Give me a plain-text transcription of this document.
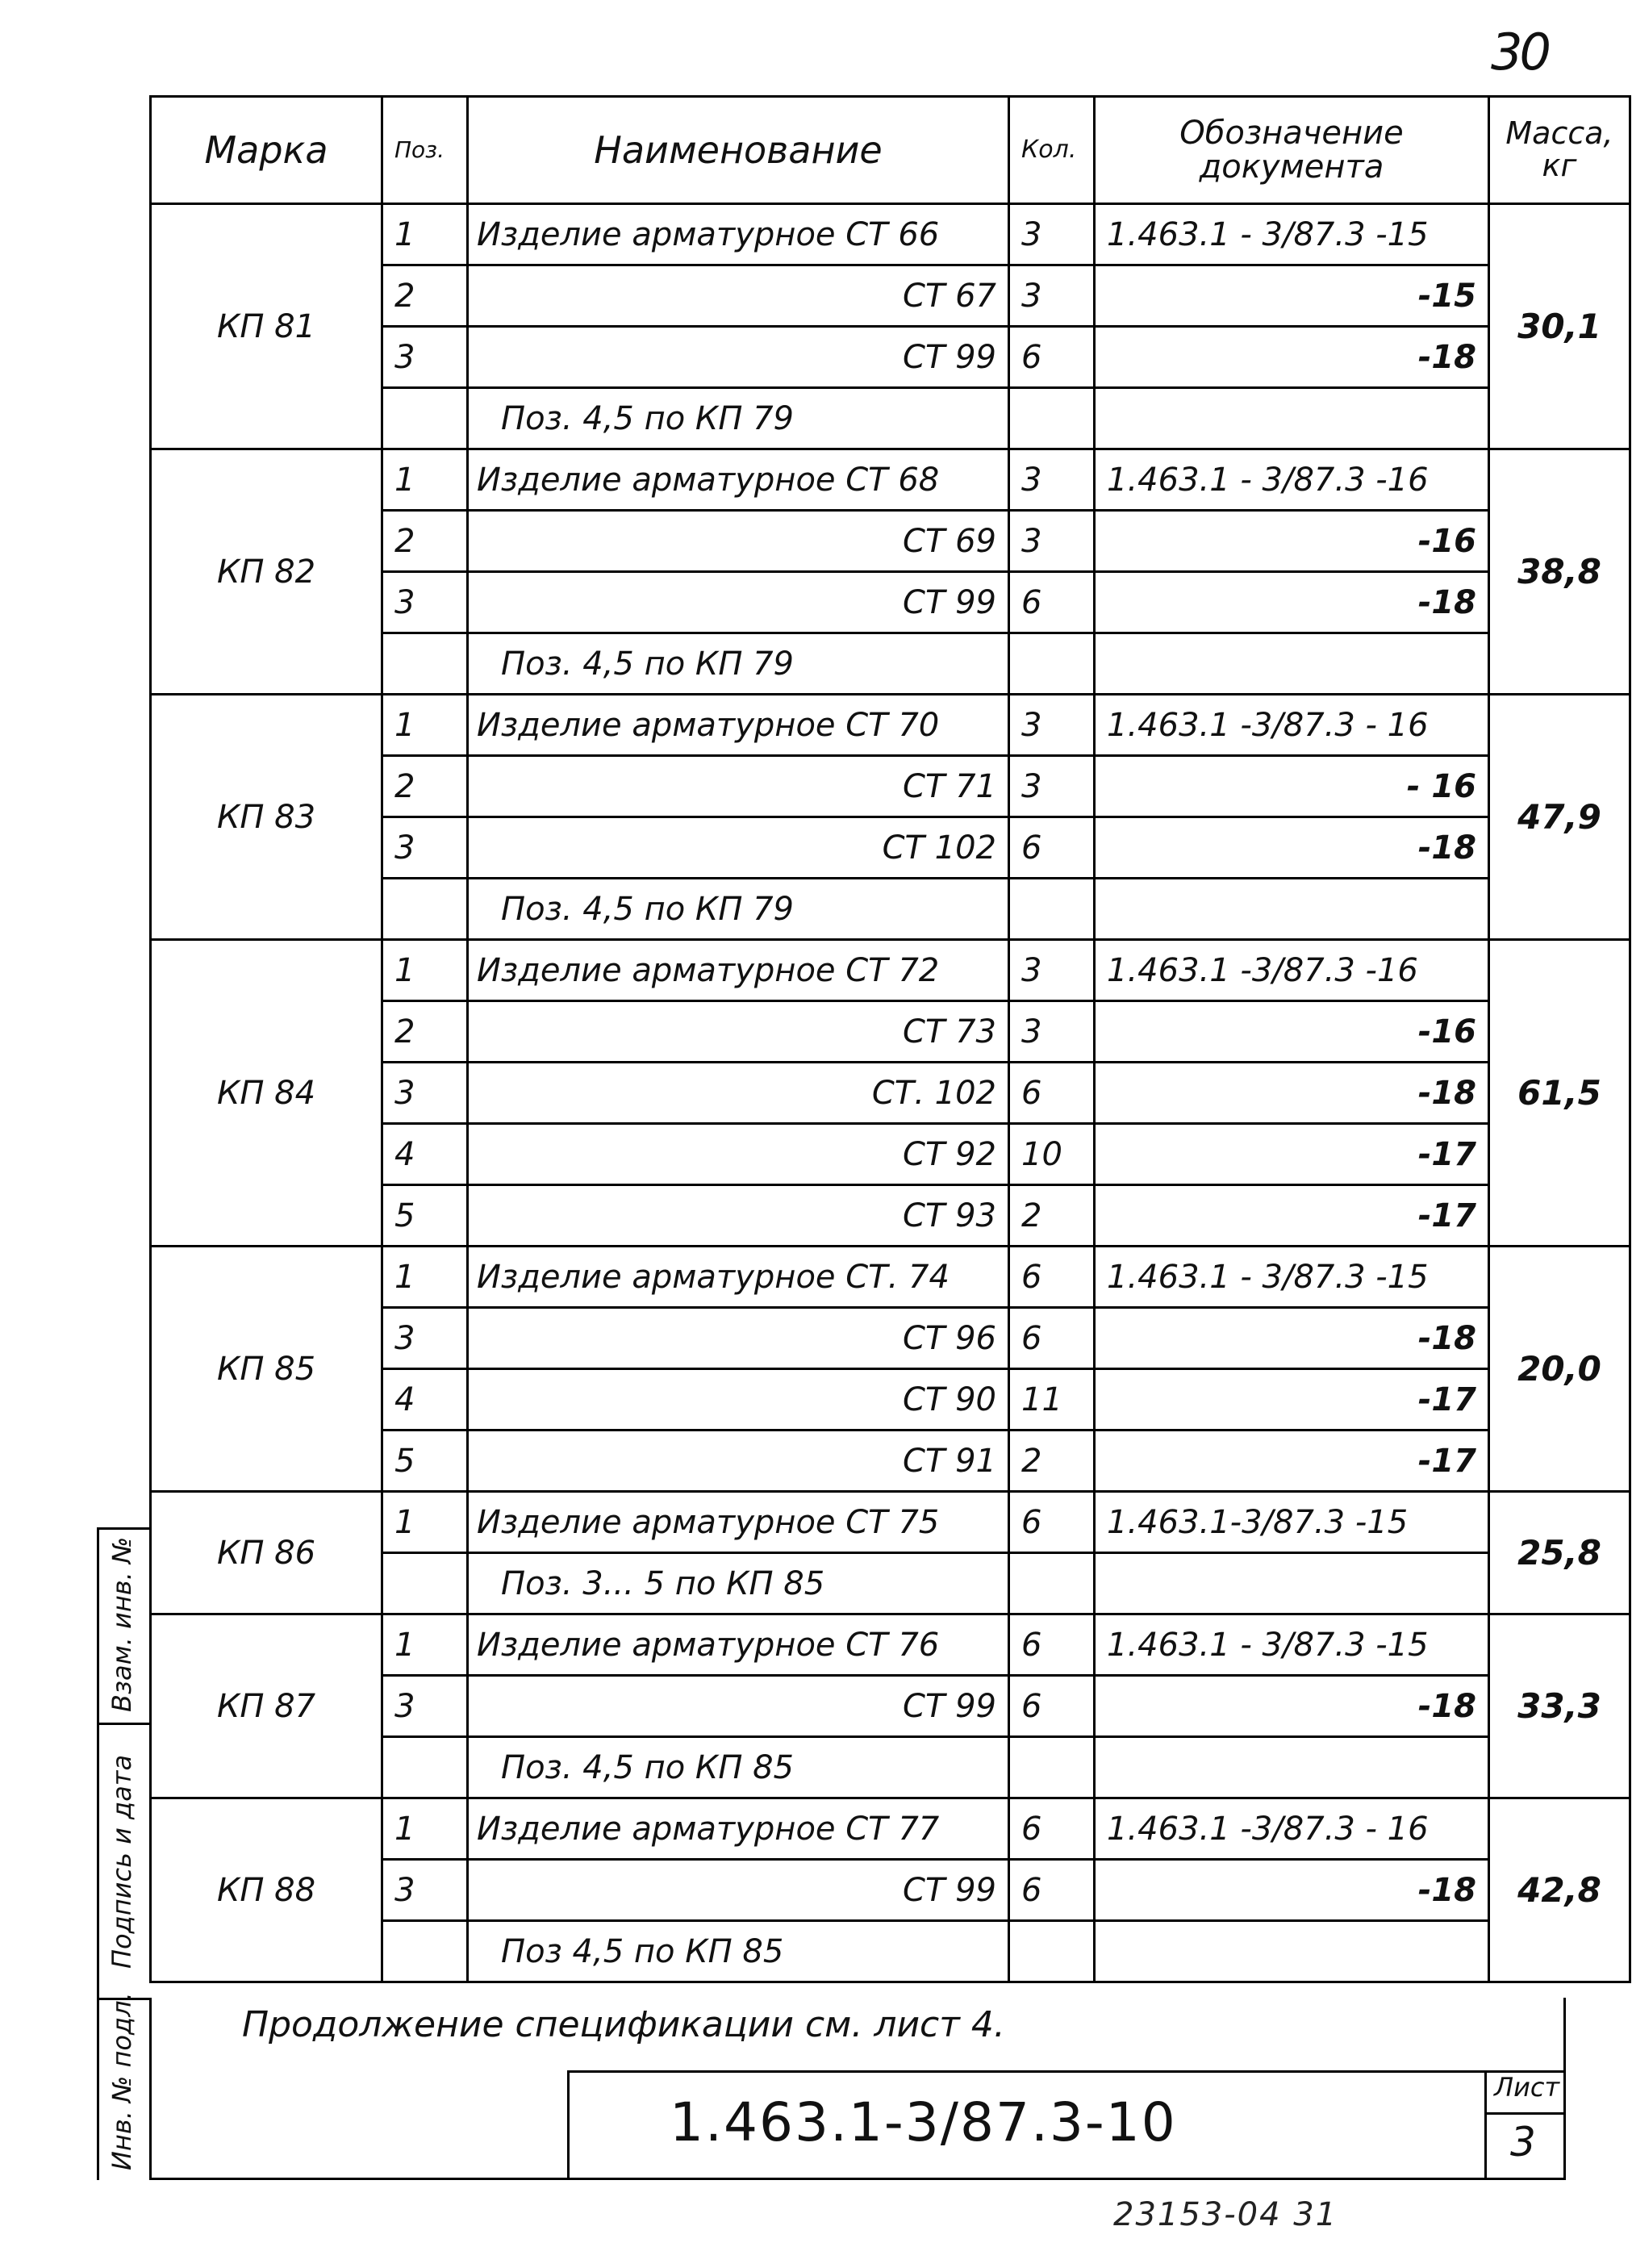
30
Марка	Поз.	Наименование	Кол.	Обозначение документа	Масса, кг
КП 81	1	Изделие арматурное СТ 66	3	1.463.1 - 3/87.3 -15	30,1
	2	СТ 67	3	-15	
	3	СТ 99	6	-18	
		Поз. 4,5 по КП 79			
КП 82	1	Изделие арматурное СТ 68	3	1.463.1 - 3/87.3 -16	38,8
	2	СТ 69	3	-16	
	3	СТ 99	6	-18	
		Поз. 4,5 по КП 79			
КП 83	1	Изделие арматурное СТ 70	3	1.463.1 -3/87.3 - 16	47,9
	2	СТ 71	3	- 16	
	3	СТ 102	6	-18	
		Поз. 4,5 по КП 79			
КП 84	1	Изделие арматурное СТ 72	3	1.463.1 -3/87.3 -16	61,5
	2	СТ 73	3	-16	
	3	СТ. 102	6	-18	
	4	СТ 92	10	-17	
	5	СТ 93	2	-17	
КП 85	1	Изделие арматурное СТ. 74	6	1.463.1 - 3/87.3 -15	20,0
	3	СТ 96	6	-18	
	4	СТ 90	11	-17	
	5	СТ 91	2	-17	
КП 86	1	Изделие арматурное СТ 75	6	1.463.1-3/87.3 -15	25,8
		Поз. 3... 5 по КП 85			
КП 87	1	Изделие арматурное СТ 76	6	1.463.1 - 3/87.3 -15	33,3
	3	СТ 99	6	-18	
		Поз. 4,5 по КП 85			
КП 88	1	Изделие арматурное СТ 77	6	1.463.1 -3/87.3 - 16	42,8
	3	СТ 99	6	-18	
		Поз 4,5 по КП 85			
Продолжение спецификации см. лист 4.
1.463.1-3/87.3-10
Лист
3
23153-04 31
Взам. инв. №
Подпись и дата
Инв. № подл.
